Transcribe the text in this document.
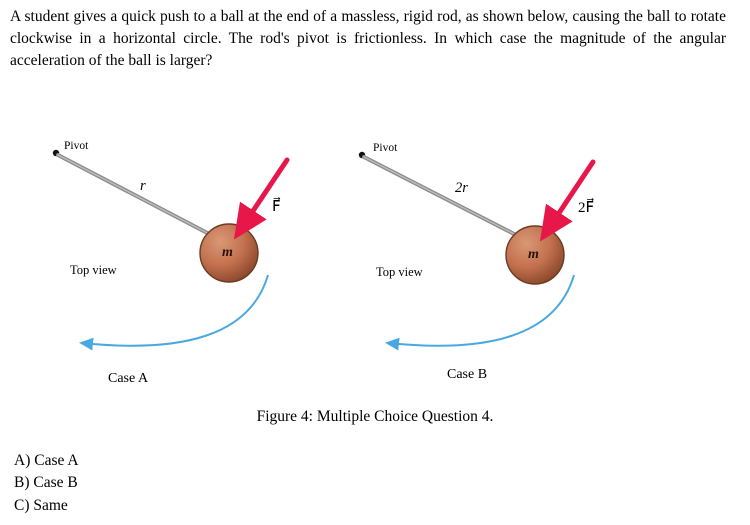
A student gives a quick push to a ball at the end of a massless, rigid rod, as shown below, causing the ball to rotate clockwise in a horizontal circle. The rod's pivot is frictionless. In which case the magnitude of the angular acceleration of the ball is larger?
Pivot
r
m
F⃗
Top view
Case A
Pivot
2r
m
2F⃗
Top view
Case B
Figure 4: Multiple Choice Question 4.
A) Case A
B) Case B
C) Same
